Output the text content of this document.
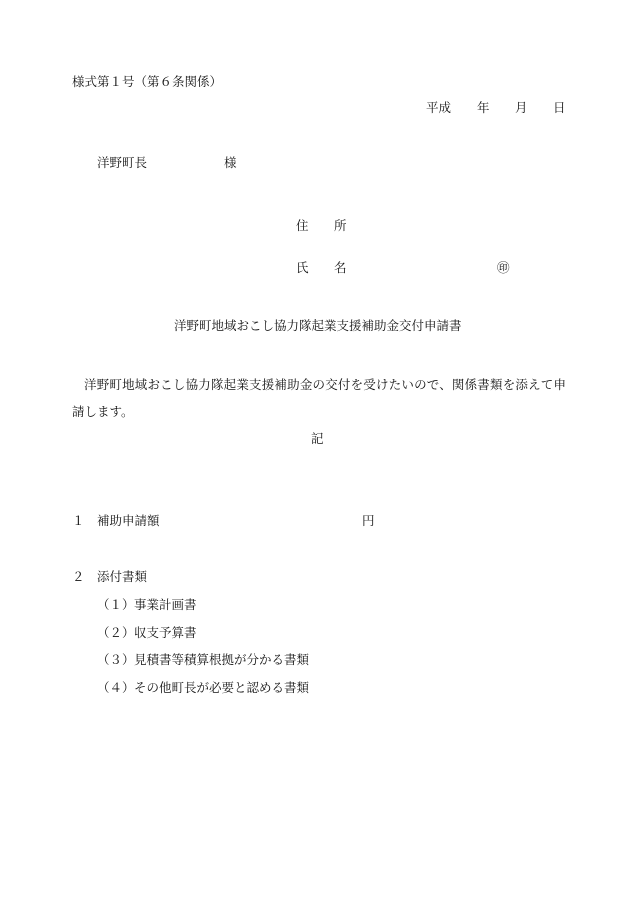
様式第１号（第６条関係）
平成 年 月 日
洋野町長	様
住 所
氏 名	㊞
洋野町地域おこし協力隊起業支援補助金交付申請書
洋野町地域おこし協力隊起業支援補助金の交付を受けたいので、関係書類を添えて申請します。
記
１ 補助申請額	円
２ 添付書類
（１） 事業計画書
（２） 収支予算書
（３） 見積書等積算根拠が分かる書類
（４） その他町長が必要と認める書類
